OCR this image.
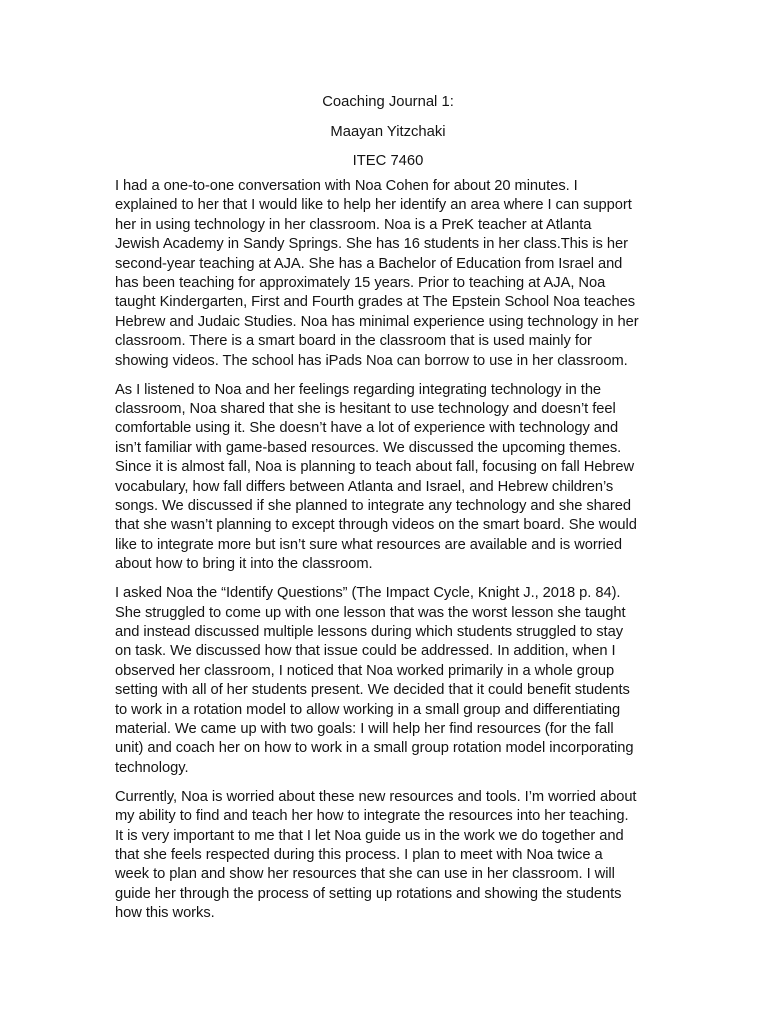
Coaching Journal 1:
Maayan Yitzchaki
ITEC 7460

I had a one-to-one conversation with Noa Cohen for about 20 minutes. I
explained to her that I would like to help her identify an area where I can support
her in using technology in her classroom. Noa is a PreK teacher at Atlanta
Jewish Academy in Sandy Springs. She has 16 students in her class.This is her
second-year teaching at AJA. She has a Bachelor of Education from Israel and
has been teaching for approximately 15 years. Prior to teaching at AJA, Noa
taught Kindergarten, First and Fourth grades at The Epstein School Noa teaches
Hebrew and Judaic Studies. Noa has minimal experience using technology in her
classroom. There is a smart board in the classroom that is used mainly for
showing videos. The school has iPads Noa can borrow to use in her classroom.

As I listened to Noa and her feelings regarding integrating technology in the
classroom, Noa shared that she is hesitant to use technology and doesn’t feel
comfortable using it. She doesn’t have a lot of experience with technology and
isn’t familiar with game-based resources. We discussed the upcoming themes.
Since it is almost fall, Noa is planning to teach about fall, focusing on fall Hebrew
vocabulary, how fall differs between Atlanta and Israel, and Hebrew children’s
songs. We discussed if she planned to integrate any technology and she shared
that she wasn’t planning to except through videos on the smart board. She would
like to integrate more but isn’t sure what resources are available and is worried
about how to bring it into the classroom.

I asked Noa the “Identify Questions” (The Impact Cycle, Knight J., 2018 p. 84).
She struggled to come up with one lesson that was the worst lesson she taught
and instead discussed multiple lessons during which students struggled to stay
on task. We discussed how that issue could be addressed. In addition, when I
observed her classroom, I noticed that Noa worked primarily in a whole group
setting with all of her students present. We decided that it could benefit students
to work in a rotation model to allow working in a small group and differentiating
material. We came up with two goals: I will help her find resources (for the fall
unit) and coach her on how to work in a small group rotation model incorporating
technology.

Currently, Noa is worried about these new resources and tools. I’m worried about
my ability to find and teach her how to integrate the resources into her teaching.
It is very important to me that I let Noa guide us in the work we do together and
that she feels respected during this process. I plan to meet with Noa twice a
week to plan and show her resources that she can use in her classroom. I will
guide her through the process of setting up rotations and showing the students
how this works.
